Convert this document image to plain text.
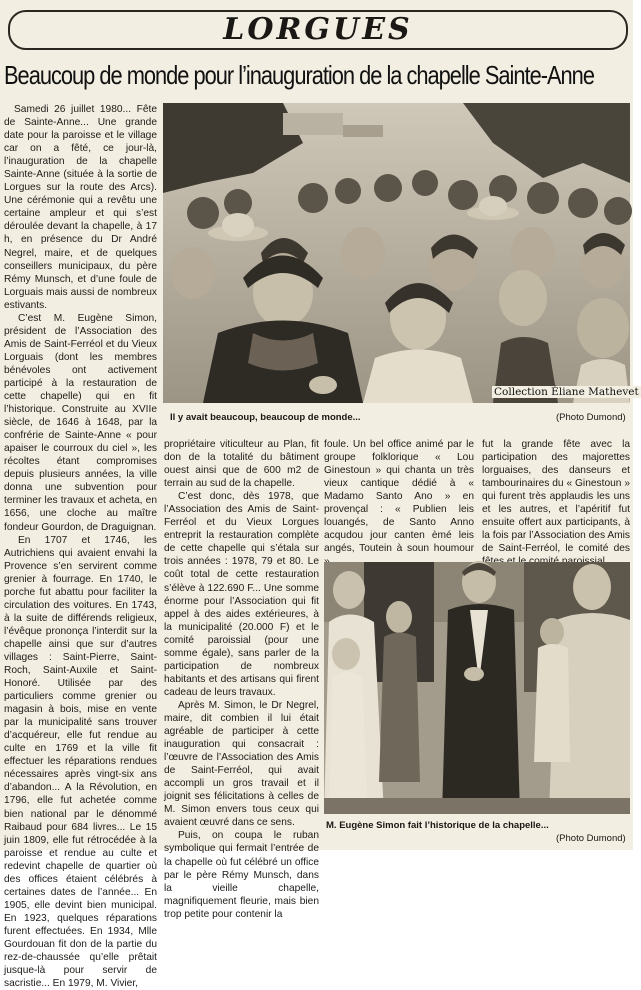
LORGUES
Beaucoup de monde pour l’inauguration de la chapelle Sainte-Anne

Samedi 26 juillet 1980... Fête de Sainte-Anne... Une grande date pour la paroisse et le village car on a fêté, ce jour-là, l’inauguration de la chapelle Sainte-Anne (située à la sortie de Lorgues sur la route des Arcs). Une cérémonie qui a revêtu une certaine ampleur et qui s’est déroulée devant la chapelle, à 17 h, en présence du Dr André Negrel, maire, et de quelques conseillers municipaux, du père Rémy Munsch, et d’une foule de Lorguais mais aussi de nombreux estivants.

C’est M. Eugène Simon, président de l’Association des Amis de Saint-Ferréol et du Vieux Lorguais (dont les membres bénévoles ont activement participé à la restauration de cette chapelle) qui en fit l’historique. Construite au XVIIe siècle, de 1646 à 1648, par la confrérie de Sainte-Anne « pour apaiser le courroux du ciel », les récoltes étant compromises depuis plusieurs années, la ville donna une subvention pour terminer les travaux et acheta, en 1656, une cloche au maître fondeur Gourdon, de Draguignan.

En 1707 et 1746, les Autrichiens qui avaient envahi la Provence s’en servirent comme grenier à fourrage. En 1740, le porche fut abattu pour faciliter la circulation des voitures. En 1743, à la suite de différends religieux, l’évêque prononça l’interdit sur la chapelle ainsi que sur d’autres villages : Saint-Pierre, Saint-Roch, Saint-Auxile et Saint-Honoré. Utilisée par des particuliers comme grenier ou magasin à bois, mise en vente par la municipalité sans trouver d’acquéreur, elle fut rendue au culte en 1769 et la ville fit effectuer les réparations rendues nécessaires après vingt-six ans d’abandon... A la Révolution, en 1796, elle fut achetée comme bien national par le dénommé Raibaud pour 684 livres... Le 15 juin 1809, elle fut rétrocédée à la paroisse et rendue au culte et redevint chapelle de quartier où des offices étaient célébrés à certaines dates de l’année... En 1905, elle devint bien municipal. En 1923, quelques réparations furent effectuées. En 1934, Mlle Gourdouan fit don de la partie du rez-de-chaussée qu’elle prêtait jusque-là pour servir de sacristie... En 1979, M. Vivier,

Collection Éliane Mathevet
Il y avait beaucoup, beaucoup de monde...	(Photo Dumond)

propriétaire viticulteur au Plan, fit don de la totalité du bâtiment ouest ainsi que de 600 m2 de terrain au sud de la chapelle.

C’est donc, dès 1978, que l’Association des Amis de Saint-Ferréol et du Vieux Lorgues entreprit la restauration complète de cette chapelle qui s’étala sur trois années : 1978, 79 et 80. Le coût total de cette restauration s’élève à 122.690 F... Une somme énorme pour l’Association qui fit appel à des aides extérieures, à la municipalité (20.000 F) et le comité paroissial (pour une somme égale), sans parler de la participation de nombreux habitants et des artisans qui firent cadeau de leurs travaux.

Après M. Simon, le Dr Negrel, maire, dit combien il lui était agréable de participer à cette inauguration qui consacrait : l’œuvre de l’Association des Amis de Saint-Ferréol, qui avait accompli un gros travail et il joignit ses félicitations à celles de M. Simon envers tous ceux qui avaient œuvré dans ce sens.

Puis, on coupa le ruban symbolique qui fermait l’entrée de la chapelle où fut célébré un office par le père Rémy Munsch, dans la vieille chapelle, magnifiquement fleurie, mais bien trop petite pour contenir la

foule. Un bel office animé par le groupe folklorique « Lou Ginestoun » qui chanta un très vieux cantique dédié à « Madamo Santo Ano » en provençal : « Publien leis louangés, de Santo Anno acqudou jour canten èmé leis angés, Toutein à soun houmour

fut la grande fête avec la participation des majorettes lorguaises, des danseurs et tambourinaires du « Ginestoun » qui furent très applaudis les uns et les autres, et l’apéritif fut ensuite offert aux participants, à la fois par l’Association des Amis de Saint-Ferréol, le comité des

M. Eugène Simon fait l’historique de la chapelle...
(Photo Dumond)
